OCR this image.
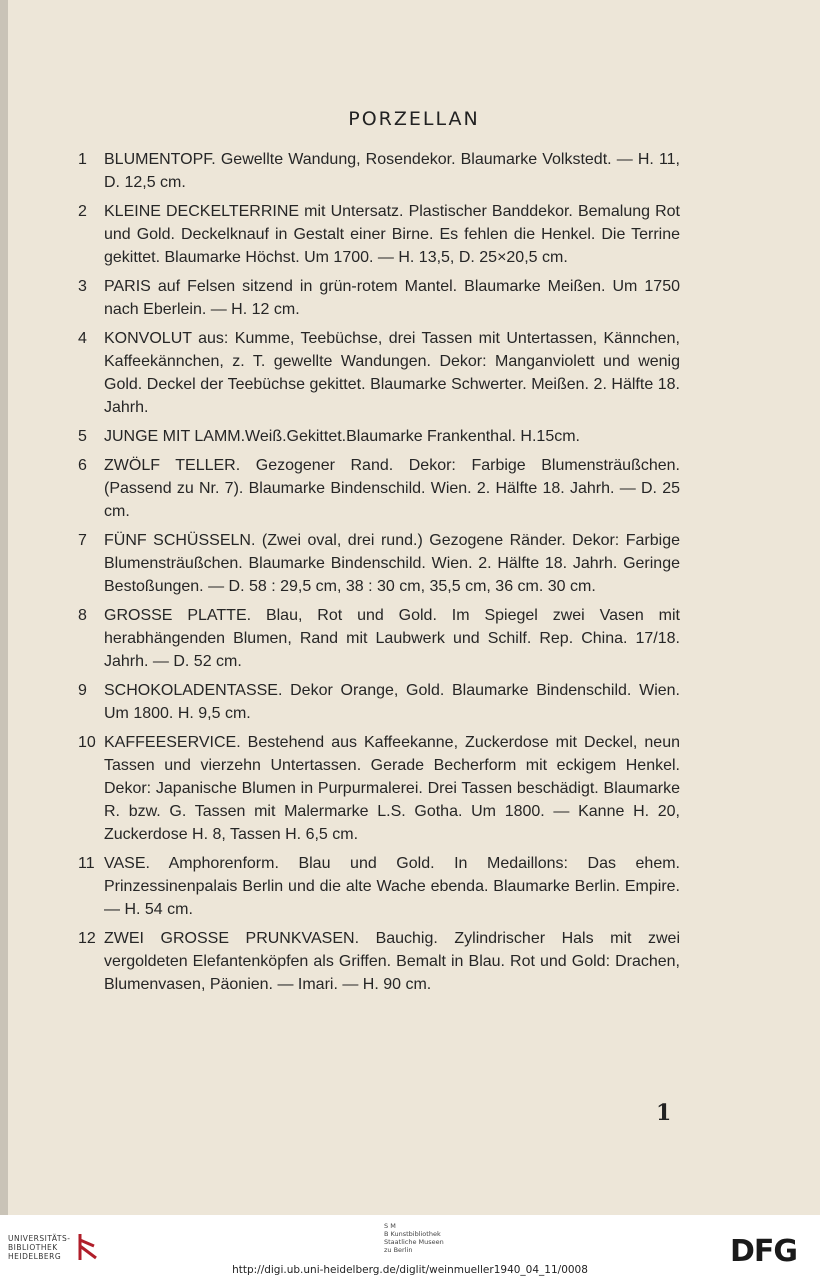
PORZELLAN
1	BLUMENTOPF. Gewellte Wandung, Rosendekor. Blaumarke Volkstedt. — H. 11, D. 12,5 cm.
2	KLEINE DECKELTERRINE mit Untersatz. Plastischer Banddekor. Bemalung Rot und Gold. Deckelknauf in Gestalt einer Birne. Es fehlen die Henkel. Die Terrine gekittet. Blaumarke Höchst. Um 1700. — H. 13,5, D. 25×20,5 cm.
3	PARIS auf Felsen sitzend in grün-rotem Mantel. Blaumarke Meißen. Um 1750 nach Eberlein. — H. 12 cm.
4	KONVOLUT aus: Kumme, Teebüchse, drei Tassen mit Untertassen, Kännchen, Kaffeekännchen, z. T. gewellte Wandungen. Dekor: Manganviolett und wenig Gold. Deckel der Teebüchse gekittet. Blaumarke Schwerter. Meißen. 2. Hälfte 18. Jahrh.
5	JUNGE MIT LAMM.Weiß.Gekittet.Blaumarke Frankenthal. H.15cm.
6	ZWÖLF TELLER. Gezogener Rand. Dekor: Farbige Blumensträußchen. (Passend zu Nr. 7). Blaumarke Bindenschild. Wien. 2. Hälfte 18. Jahrh. — D. 25 cm.
7	FÜNF SCHÜSSELN. (Zwei oval, drei rund.) Gezogene Ränder. Dekor: Farbige Blumensträußchen. Blaumarke Bindenschild. Wien. 2. Hälfte 18. Jahrh. Geringe Bestoßungen. — D. 58 : 29,5 cm, 38 : 30 cm, 35,5 cm, 36 cm. 30 cm.
8	GROSSE PLATTE. Blau, Rot und Gold. Im Spiegel zwei Vasen mit herabhängenden Blumen, Rand mit Laubwerk und Schilf. Rep. China. 17/18. Jahrh. — D. 52 cm.
9	SCHOKOLADENTASSE. Dekor Orange, Gold. Blaumarke Bindenschild. Wien. Um 1800. H. 9,5 cm.
10 KAFFEESERVICE. Bestehend aus Kaffeekanne, Zuckerdose mit Deckel, neun Tassen und vierzehn Untertassen. Gerade Becherform mit eckigem Henkel. Dekor: Japanische Blumen in Purpurmalerei. Drei Tassen beschädigt. Blaumarke R. bzw. G. Tassen mit Malermarke L.S. Gotha. Um 1800. — Kanne H. 20, Zuckerdose H. 8, Tassen H. 6,5 cm.
11 VASE. Amphorenform. Blau und Gold. In Medaillons: Das ehem. Prinzessinenpalais Berlin und die alte Wache ebenda. Blaumarke Berlin. Empire. — H. 54 cm.
12 ZWEI GROSSE PRUNKVASEN. Bauchig. Zylindrischer Hals mit zwei vergoldeten Elefantenköpfen als Griffen. Bemalt in Blau. Rot und Gold: Drachen, Blumenvasen, Päonien. — Imari. — H. 90 cm.
1
UNIVERSITÄTS-
BIBLIOTHEK
HEIDELBERG
S M
B Kunstbibliothek
Staatliche Museen
zu Berlin	DFG
http://digi.ub.uni-heidelberg.de/diglit/weinmueller1940_04_11/0008
